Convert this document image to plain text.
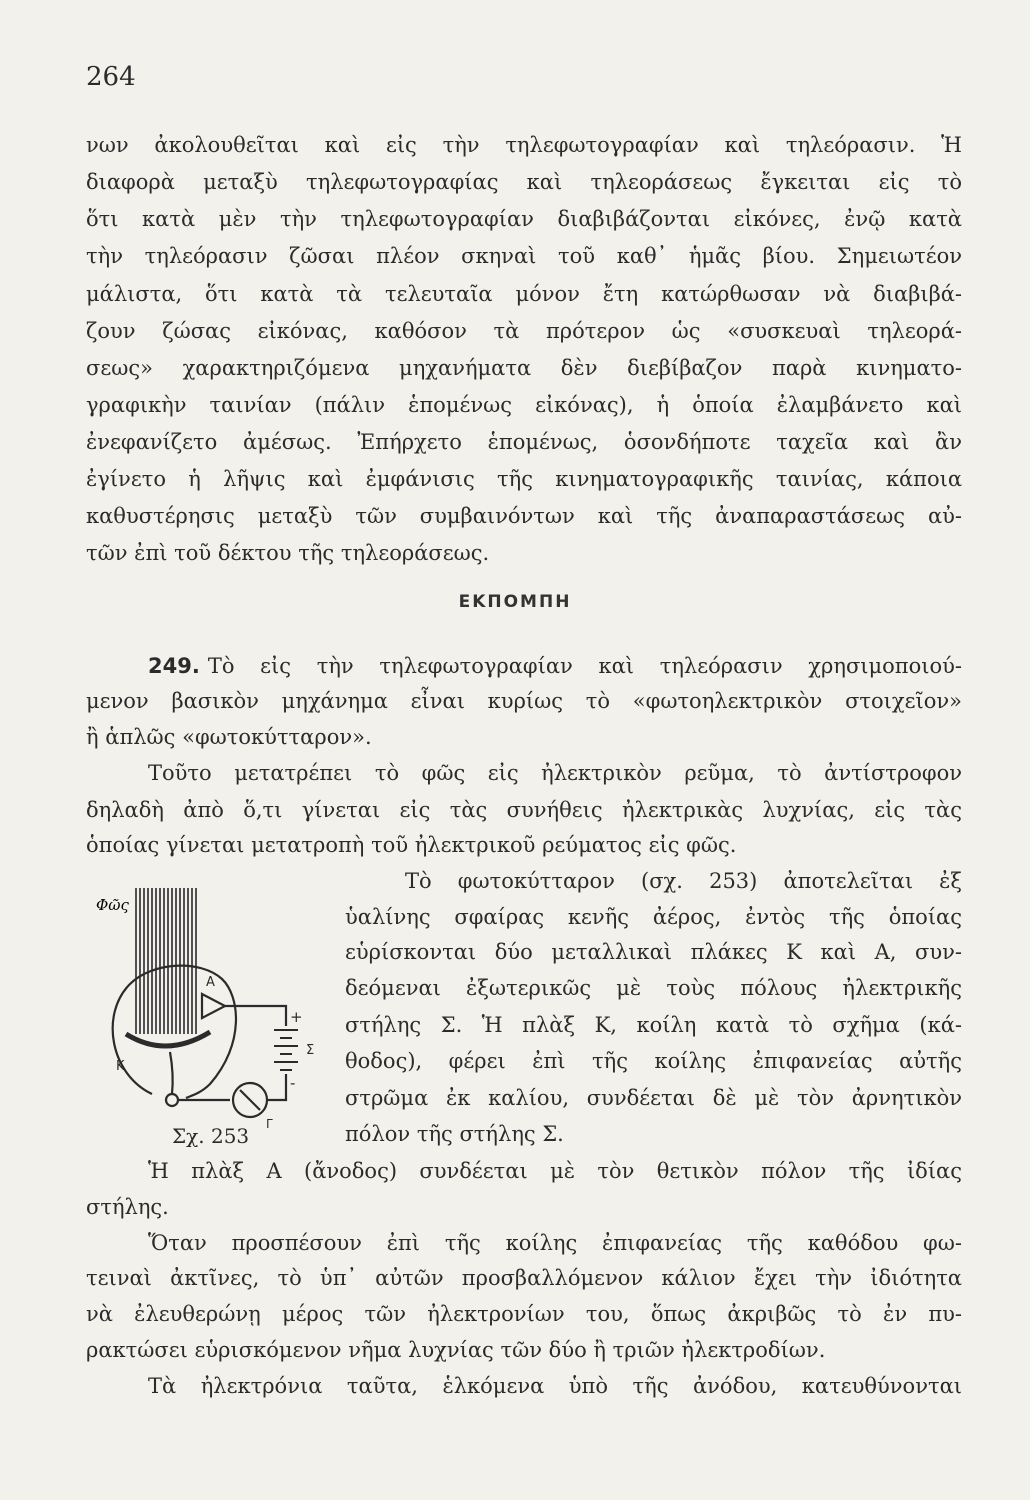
264
νων ἀκολουθεῖται καὶ εἰς τὴν τηλεφωτογραφίαν καὶ τηλεόρασιν. Ἡ
διαφορὰ μεταξὺ τηλεφωτογραφίας καὶ τηλεοράσεως ἔγκειται εἰς τὸ
ὅτι κατὰ μὲν τὴν τηλεφωτογραφίαν διαβιβάζονται εἰκόνες, ἐνῷ κατὰ
τὴν τηλεόρασιν ζῶσαι πλέον σκηναὶ τοῦ καθ᾽ ἡμᾶς βίου. Σημειωτέον
μάλιστα, ὅτι κατὰ τὰ τελευταῖα μόνον ἔτη κατώρθωσαν νὰ διαβιβά-
ζουν ζώσας εἰκόνας, καθόσον τὰ πρότερον ὡς «συσκευαὶ τηλεορά-
σεως» χαρακτηριζόμενα μηχανήματα δὲν διεβίβαζον παρὰ κινηματο-
γραφικὴν ταινίαν (πάλιν ἑπομένως εἰκόνας), ἡ ὁποία ἐλαμβάνετο καὶ
ἐνεφανίζετο ἀμέσως. Ἐπήρχετο ἑπομένως, ὁσονδήποτε ταχεῖα καὶ ἂν
ἐγίνετο ἡ λῆψις καὶ ἐμφάνισις τῆς κινηματογραφικῆς ταινίας, κάποια
καθυστέρησις μεταξὺ τῶν συμβαινόντων καὶ τῆς ἀναπαραστάσεως αὐ-
τῶν ἐπὶ τοῦ δέκτου τῆς τηλεοράσεως.
ΕΚΠΟΜΠΗ
249. Τὸ εἰς τὴν τηλεφωτογραφίαν καὶ τηλεόρασιν χρησιμοποιού-
μενον βασικὸν μηχάνημα εἶναι κυρίως τὸ «φωτοηλεκτρικὸν στοιχεῖον»
ἢ ἁπλῶς «φωτοκύτταρον».
Τοῦτο μετατρέπει τὸ φῶς εἰς ἠλεκτρικὸν ρεῦμα, τὸ ἀντίστροφον
δηλαδὴ ἀπὸ ὅ,τι γίνεται εἰς τὰς συνήθεις ἠλεκτρικὰς λυχνίας, εἰς τὰς
ὁποίας γίνεται μετατροπὴ τοῦ ἠλεκτρικοῦ ρεύματος εἰς φῶς.
Τὸ φωτοκύτταρον (σχ. 253) ἀποτελεῖται ἐξ
ὑαλίνης σφαίρας κενῆς ἀέρος, ἐντὸς τῆς ὁποίας
εὑρίσκονται δύο μεταλλικαὶ πλάκες Κ καὶ Α, συν-
δεόμεναι ἐξωτερικῶς μὲ τοὺς πόλους ἠλεκτρικῆς
στήλης Σ. Ἡ πλὰξ Κ, κοίλη κατὰ τὸ σχῆμα (κά-
θοδος), φέρει ἐπὶ τῆς κοίλης ἐπιφανείας αὐτῆς
στρῶμα ἐκ καλίου, συνδέεται δὲ μὲ τὸν ἀρνητικὸν
πόλον τῆς στήλης Σ.
Φῶς
A
K
+
-
Σ
Γ
Σχ. 253
Ἡ πλὰξ Α (ἄνοδος) συνδέεται μὲ τὸν θετικὸν πόλον τῆς ἰδίας
στήλης.
Ὅταν προσπέσουν ἐπὶ τῆς κοίλης ἐπιφανείας τῆς καθόδου φω-
τειναὶ ἀκτῖνες, τὸ ὑπ᾽ αὐτῶν προσβαλλόμενον κάλιον ἔχει τὴν ἰδιότητα
νὰ ἐλευθερώνῃ μέρος τῶν ἠλεκτρονίων του, ὅπως ἀκριβῶς τὸ ἐν πυ-
ρακτώσει εὑρισκόμενον νῆμα λυχνίας τῶν δύο ἢ τριῶν ἠλεκτροδίων.
Τὰ ἠλεκτρόνια ταῦτα, ἑλκόμενα ὑπὸ τῆς ἀνόδου, κατευθύνονται
